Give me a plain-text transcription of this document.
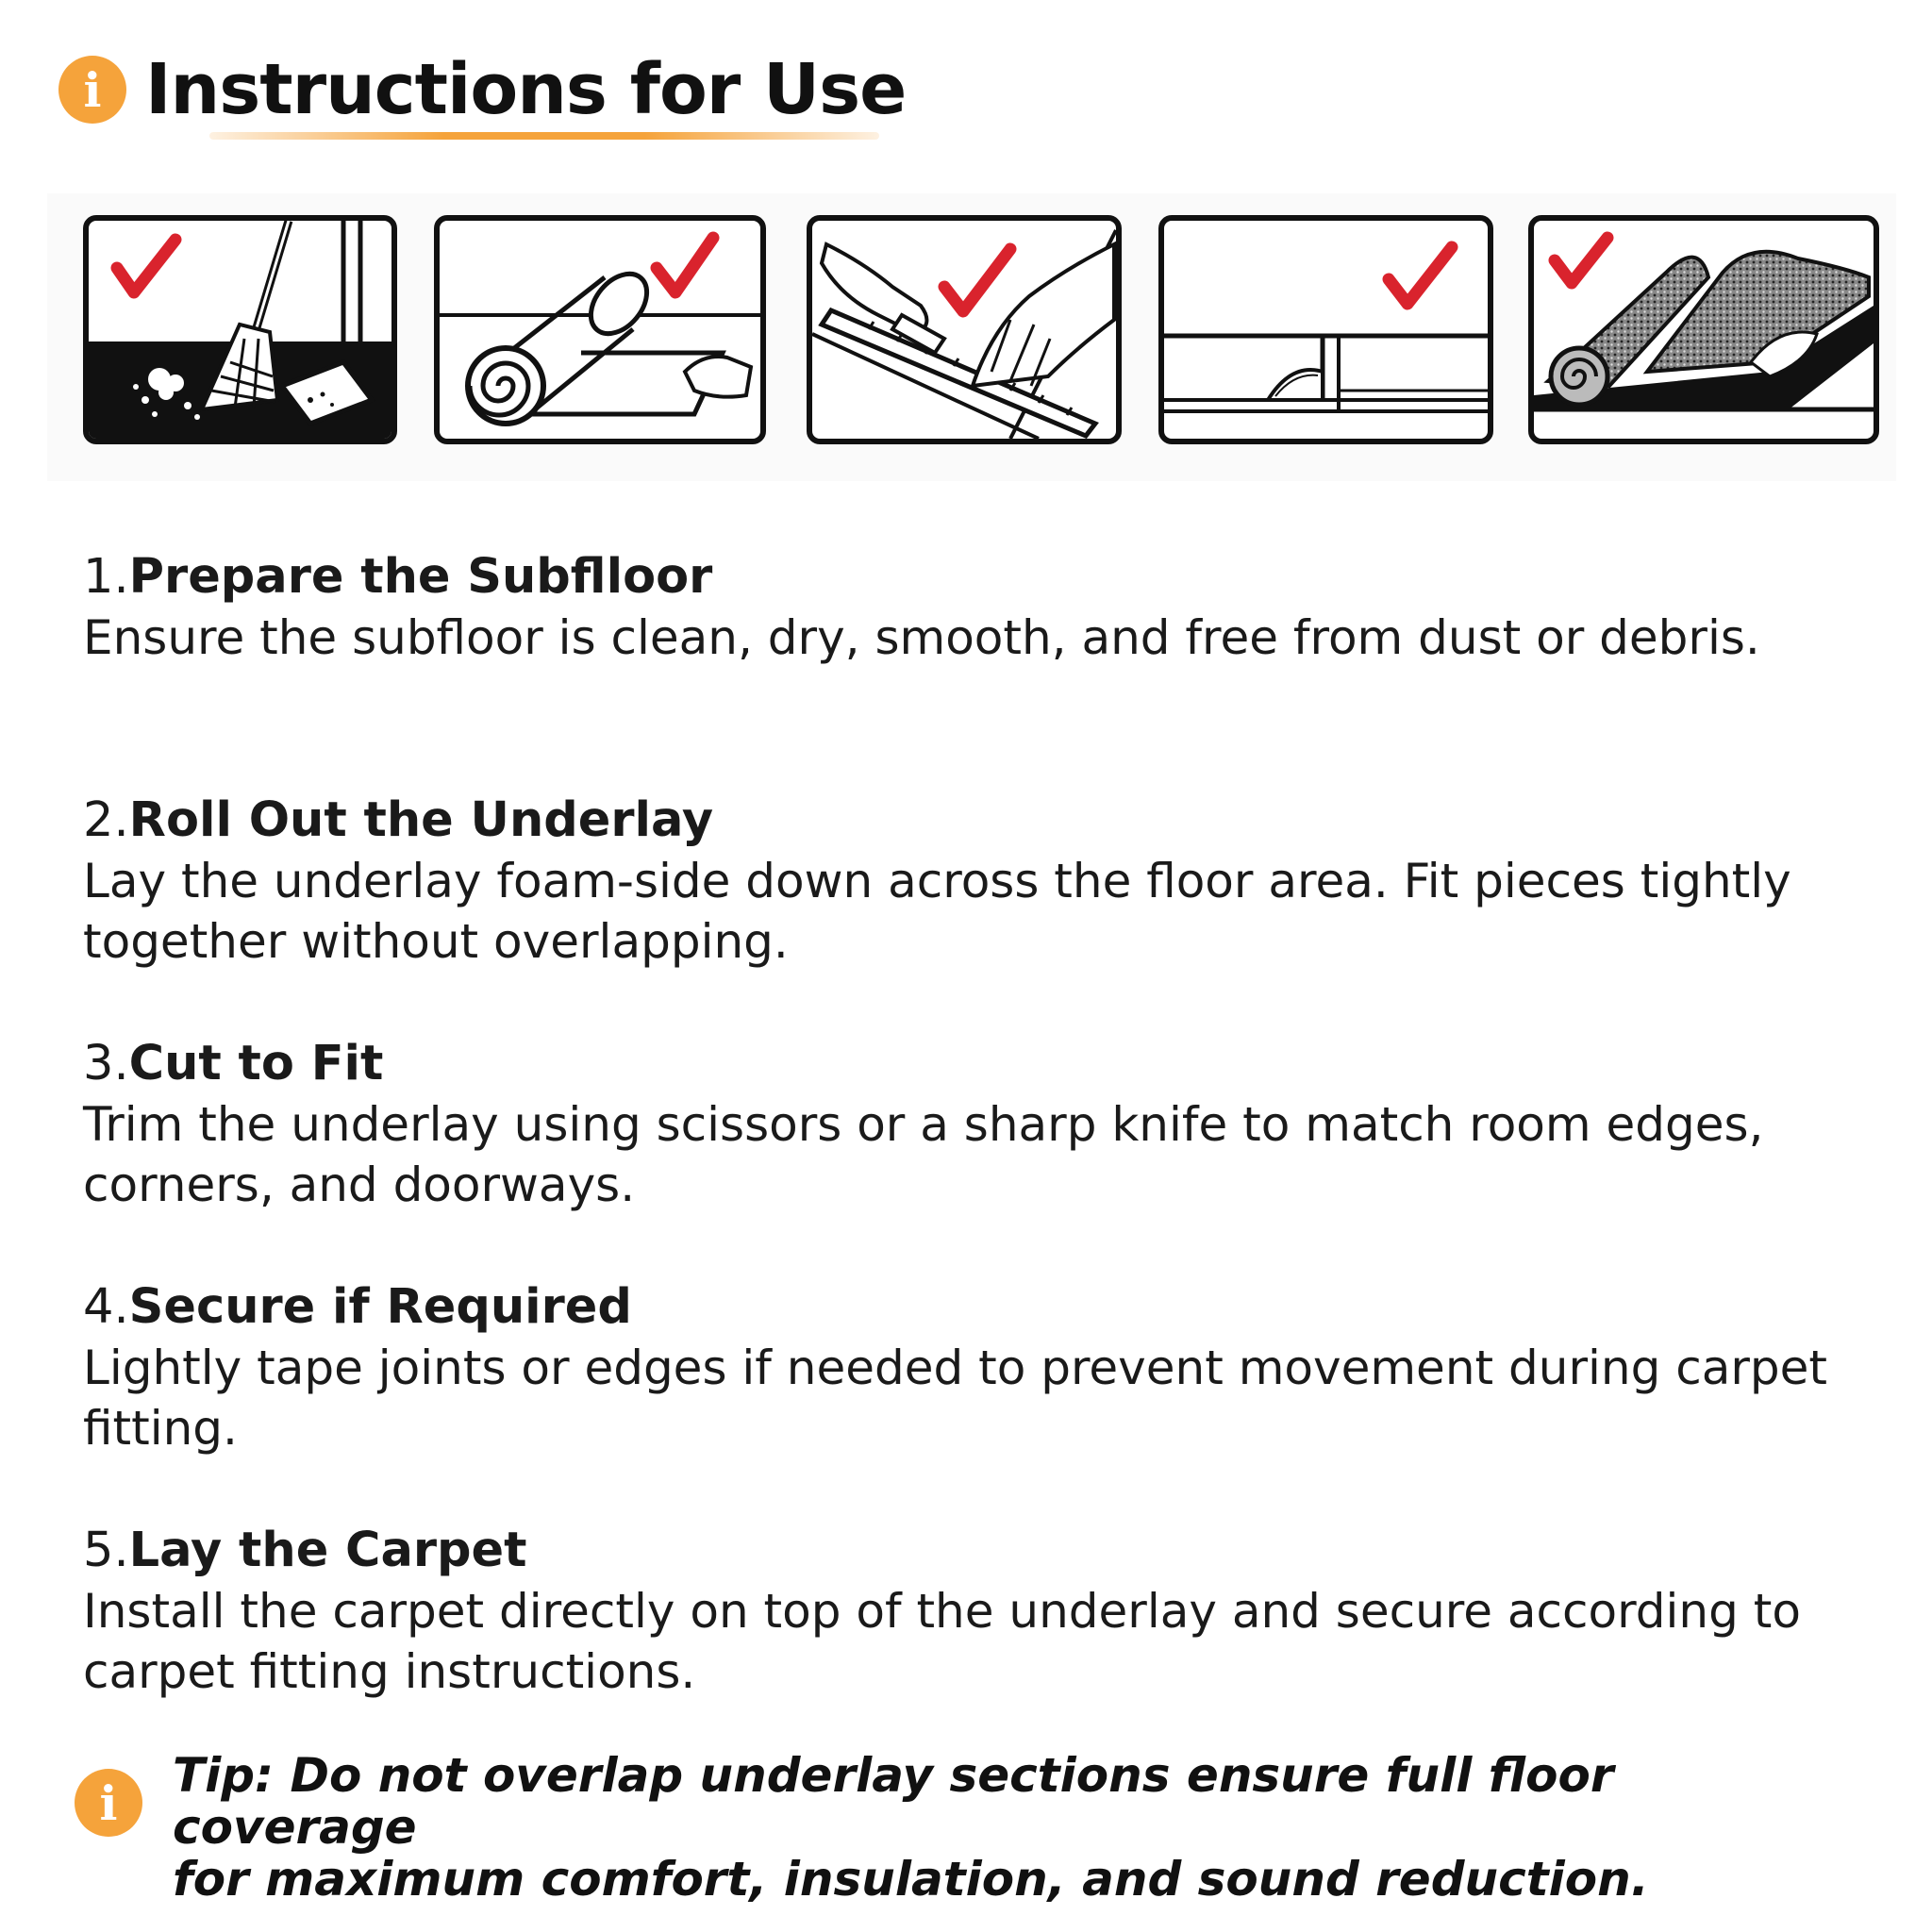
i Instructions for Use
1.Prepare the Subflloor

Ensure the subfloor is clean, dry, smooth, and free from dust or debris.

2.Roll Out the Underlay

Lay the underlay foam-side down across the floor area. Fit pieces tightly together without overlapping.

3.Cut to Fit

Trim the underlay using scissors or a sharp knife to match room edges, corners, and doorways.

4.Secure if Required

Lightly tape joints or edges if needed to prevent movement during carpet fitting.

5.Lay the Carpet

Install the carpet directly on top of the underlay and secure according to carpet fitting instructions.

i	Tip: Do not overlap underlay sections ensure full floor coverage
for maximum comfort, insulation, and sound reduction.
